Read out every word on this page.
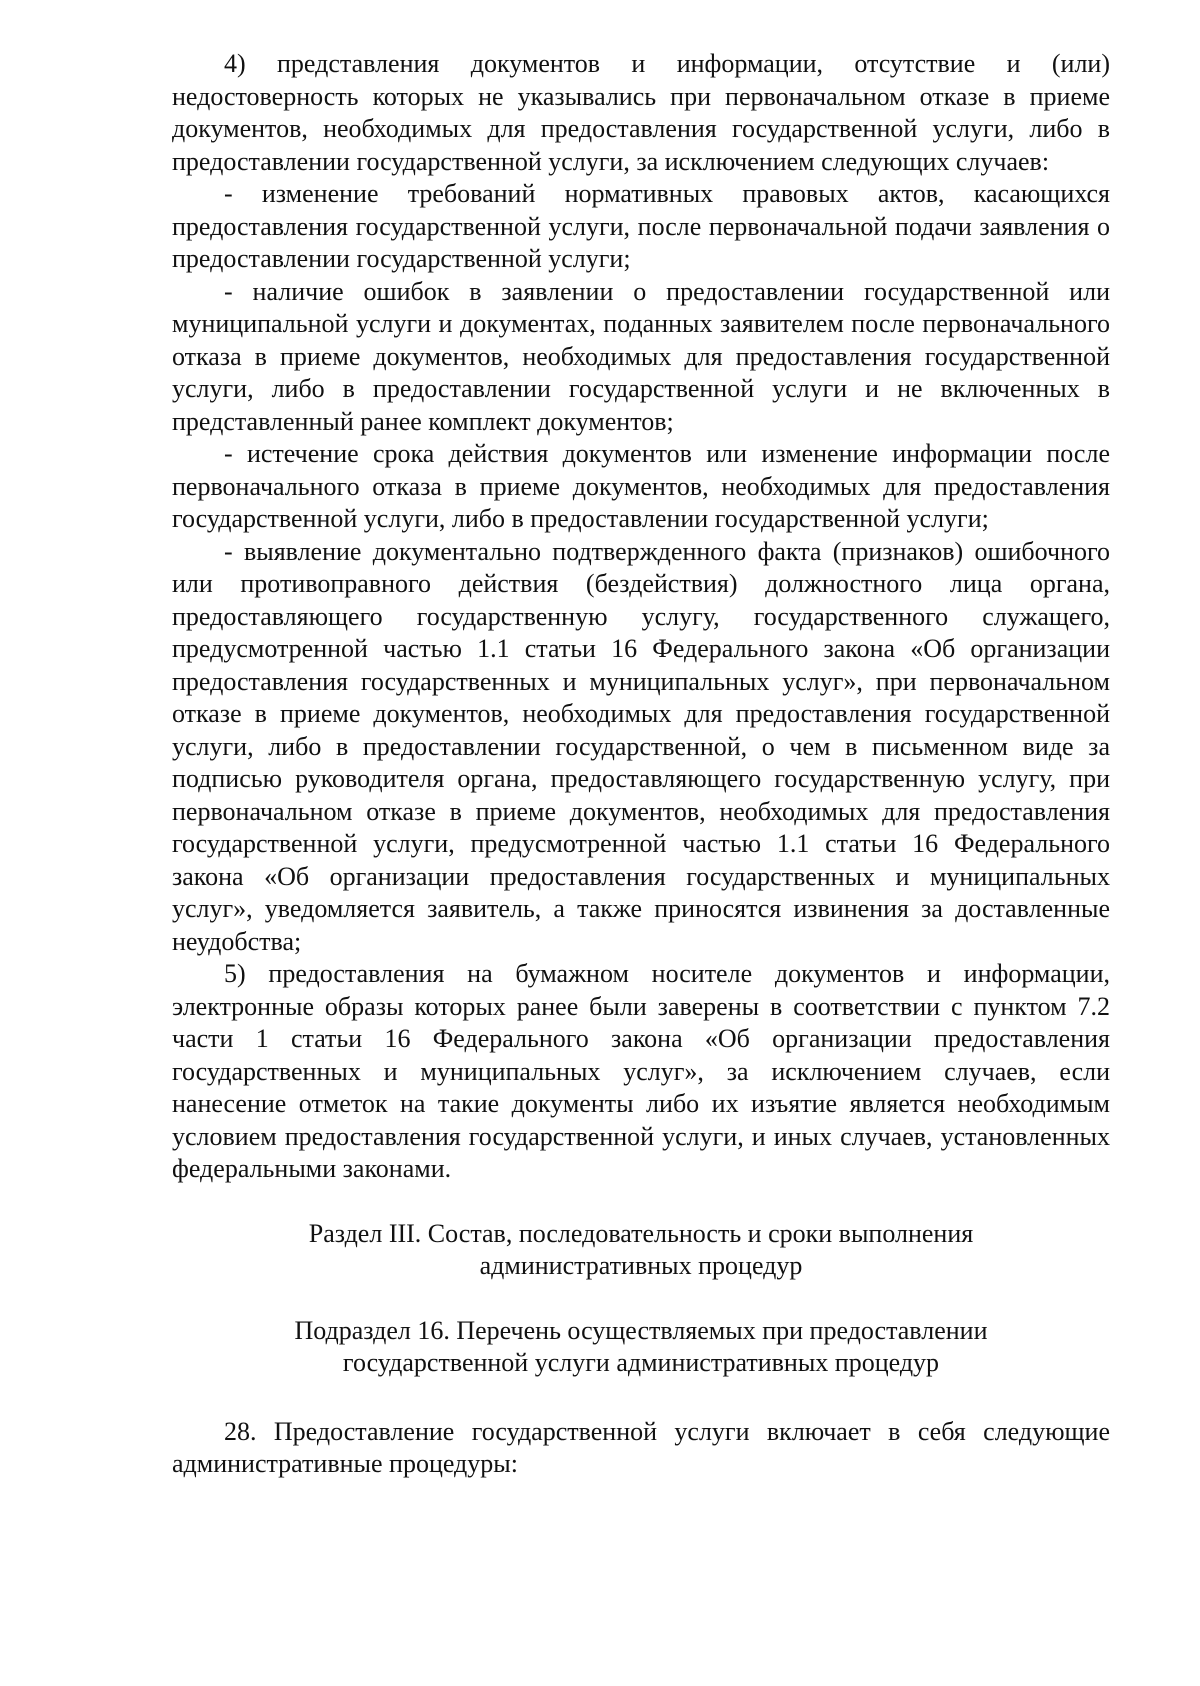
4) представления документов и информации, отсутствие и (или) недостоверность которых не указывались при первоначальном отказе в приеме документов, необходимых для предоставления государственной услуги, либо в предоставлении государственной услуги, за исключением следующих случаев:

- изменение требований нормативных правовых актов, касающихся предоставления государственной услуги, после первоначальной подачи заявления о предоставлении государственной услуги;

- наличие ошибок в заявлении о предоставлении государственной или муниципальной услуги и документах, поданных заявителем после первоначального отказа в приеме документов, необходимых для предоставления государственной услуги, либо в предоставлении государственной услуги и не включенных в представленный ранее комплект документов;

- истечение срока действия документов или изменение информации после первоначального отказа в приеме документов, необходимых для предоставления государственной услуги, либо в предоставлении государственной услуги;

- выявление документально подтвержденного факта (признаков) ошибочного или противоправного действия (бездействия) должностного лица органа, предоставляющего государственную услугу, государственного служащего, предусмотренной частью 1.1 статьи 16 Федерального закона «Об организации предоставления государственных и муниципальных услуг», при первоначальном отказе в приеме документов, необходимых для предоставления государственной услуги, либо в предоставлении государственной, о чем в письменном виде за подписью руководителя органа, предоставляющего государственную услугу, при первоначальном отказе в приеме документов, необходимых для предоставления государственной услуги, предусмотренной частью 1.1 статьи 16 Федерального закона «Об организации предоставления государственных и муниципальных услуг», уведомляется заявитель, а также приносятся извинения за доставленные неудобства;

5) предоставления на бумажном носителе документов и информации, электронные образы которых ранее были заверены в соответствии с пунктом 7.2 части 1 статьи 16 Федерального закона «Об организации предоставления государственных и муниципальных услуг», за исключением случаев, если нанесение отметок на такие документы либо их изъятие является необходимым условием предоставления государственной услуги, и иных случаев, установленных федеральными законами.

Раздел III. Состав, последовательность и сроки выполнения
административных процедур

Подраздел 16. Перечень осуществляемых при предоставлении
государственной услуги административных процедур

28. Предоставление государственной услуги включает в себя следующие административные процедуры:
